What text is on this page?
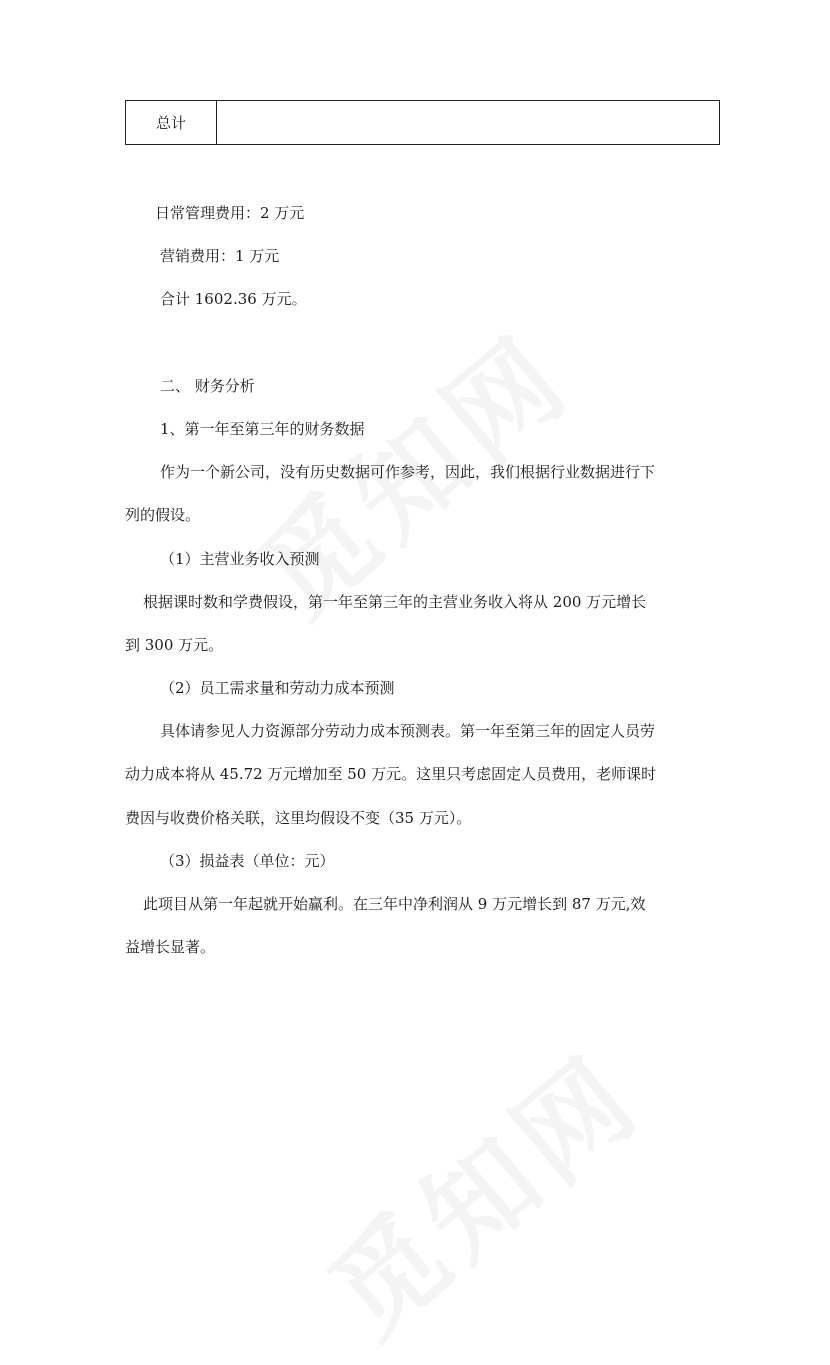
总计	
日常管理费用：2 万元
营销费用：1 万元
合计 1602.36 万元。
二、 财务分析
1、第一年至第三年的财务数据
作为一个新公司，没有历史数据可作参考，因此，我们根据行业数据进行下
列的假设。
（1）主营业务收入预测
根据课时数和学费假设，第一年至第三年的主营业务收入将从 200 万元增长
到 300 万元。
（2）员工需求量和劳动力成本预测
具体请参见人力资源部分劳动力成本预测表。第一年至第三年的固定人员劳
动力成本将从 45.72 万元增加至 50 万元。这里只考虑固定人员费用，老师课时
费因与收费价格关联，这里均假设不变（35 万元）。
（3）损益表（单位：元）
此项目从第一年起就开始赢利。在三年中净利润从 9 万元增长到 87 万元,效
益增长显著。
